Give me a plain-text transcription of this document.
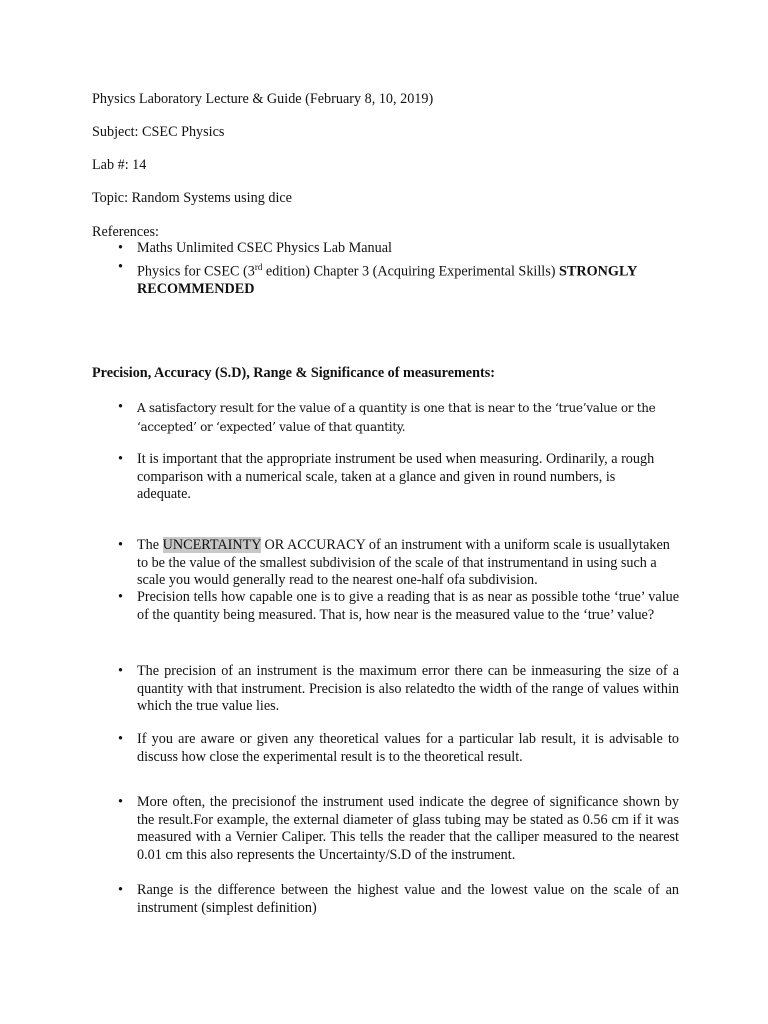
Physics Laboratory Lecture & Guide (February 8, 10, 2019)
Subject: CSEC Physics
Lab #: 14
Topic: Random Systems using dice
References:
• Maths Unlimited CSEC Physics Lab Manual
• Physics for CSEC (3rd edition) Chapter 3 (Acquiring Experimental Skills) STRONGLY RECOMMENDED
Precision, Accuracy (S.D), Range & Significance of measurements:
•	A satisfactory result for the value of a quantity is one that is near to the ‘true’value or the ‘accepted’ or ‘expected’ value of that quantity.
• It is important that the appropriate instrument be used when measuring. Ordinarily, a rough comparison with a numerical scale, taken at a glance and given in round numbers, is adequate.
• The UNCERTAINTY OR ACCURACY of an instrument with a uniform scale is usuallytaken to be the value of the smallest subdivision of the scale of that instrumentand in using such a scale you would generally read to the nearest one-half ofa subdivision.
• Precision tells how capable one is to give a reading that is as near as possible tothe ‘true’ value of the quantity being measured. That is, how near is the measured value to the ‘true’ value?
• The precision of an instrument is the maximum error there can be inmeasuring the size of a quantity with that instrument. Precision is also relatedto the width of the range of values within which the true value lies.
• If you are aware or given any theoretical values for a particular lab result, it is advisable to discuss how close the experimental result is to the theoretical result.
• More often, the precisionof the instrument used indicate the degree of significance shown by the result.For example, the external diameter of glass tubing may be stated as 0.56 cm if it was measured with a Vernier Caliper. This tells the reader that the calliper measured to the nearest 0.01 cm this also represents the Uncertainty/S.D of the instrument.
• Range is the difference between the highest value and the lowest value on the scale of an instrument (simplest definition)
